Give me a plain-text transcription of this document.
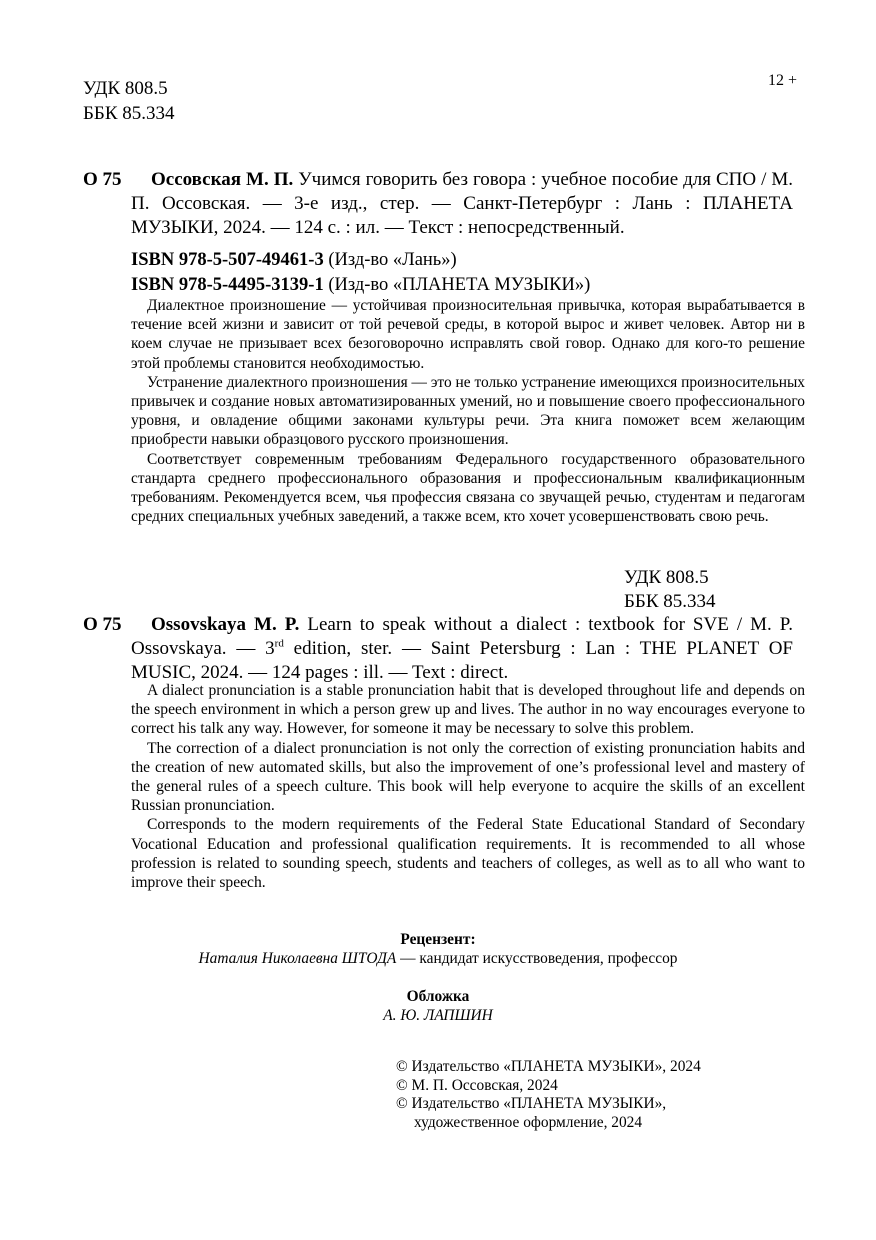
УДК 808.5
ББК 85.334
12 +
О 75	Оссовская М. П. Учимся говорить без говора : учебное пособие для СПО / М. П. Оссовская. — 3-е изд., стер. — Санкт-Петербург : Лань : ПЛАНЕТА МУЗЫКИ, 2024. — 124 с. : ил. — Текст : непосредственный.
ISBN 978-5-507-49461-3 (Изд-во «Лань»)
ISBN 978-5-4495-3139-1 (Изд-во «ПЛАНЕТА МУЗЫКИ»)

Диалектное произношение — устойчивая произносительная привычка, которая вырабатывается в течение всей жизни и зависит от той речевой среды, в которой вырос и живет человек. Автор ни в коем случае не призывает всех безоговорочно исправлять свой говор. Однако для кого-то решение этой проблемы становится необходимостью.

Устранение диалектного произношения — это не только устранение имеющихся произносительных привычек и создание новых автоматизированных умений, но и повышение своего профессионального уровня, и овладение общими законами культуры речи. Эта книга поможет всем желающим приобрести навыки образцового русского произношения.

Соответствует современным требованиям Федерального государственного образовательного стандарта среднего профессионального образования и профессиональным квалификационным требованиям. Рекомендуется всем, чья профессия связана со звучащей речью, студентам и педагогам средних специальных учебных заведений, а также всем, кто хочет усовершенствовать свою речь.

УДК 808.5
ББК 85.334
О 75	Ossovskaya M. P. Learn to speak without a dialect : textbook for SVE / M. P. Ossovskaya. — 3rd edition, ster. — Saint Petersburg : Lan : THE PLANET OF MUSIC, 2024. — 124 pages : ill. — Text : direct.

A dialect pronunciation is a stable pronunciation habit that is developed throughout life and depends on the speech environment in which a person grew up and lives. The author in no way encourages everyone to correct his talk any way. However, for someone it may be necessary to solve this problem.

The correction of a dialect pronunciation is not only the correction of existing pronunciation habits and the creation of new automated skills, but also the improvement of one’s professional level and mastery of the general rules of a speech culture. This book will help everyone to acquire the skills of an excellent Russian pronunciation.

Corresponds to the modern requirements of the Federal State Educational Standard of Secondary Vocational Education and professional qualification requirements. It is recommended to all whose profession is related to sounding speech, students and teachers of colleges, as well as to all who want to improve their speech.

Рецензент:
Наталия Николаевна ШТОДА — кандидат искусствоведения, профессор
Обложка
А. Ю. ЛАПШИН
© Издательство «ПЛАНЕТА МУЗЫКИ», 2024
© М. П. Оссовская, 2024
© Издательство «ПЛАНЕТА МУЗЫКИ»,
художественное оформление, 2024
